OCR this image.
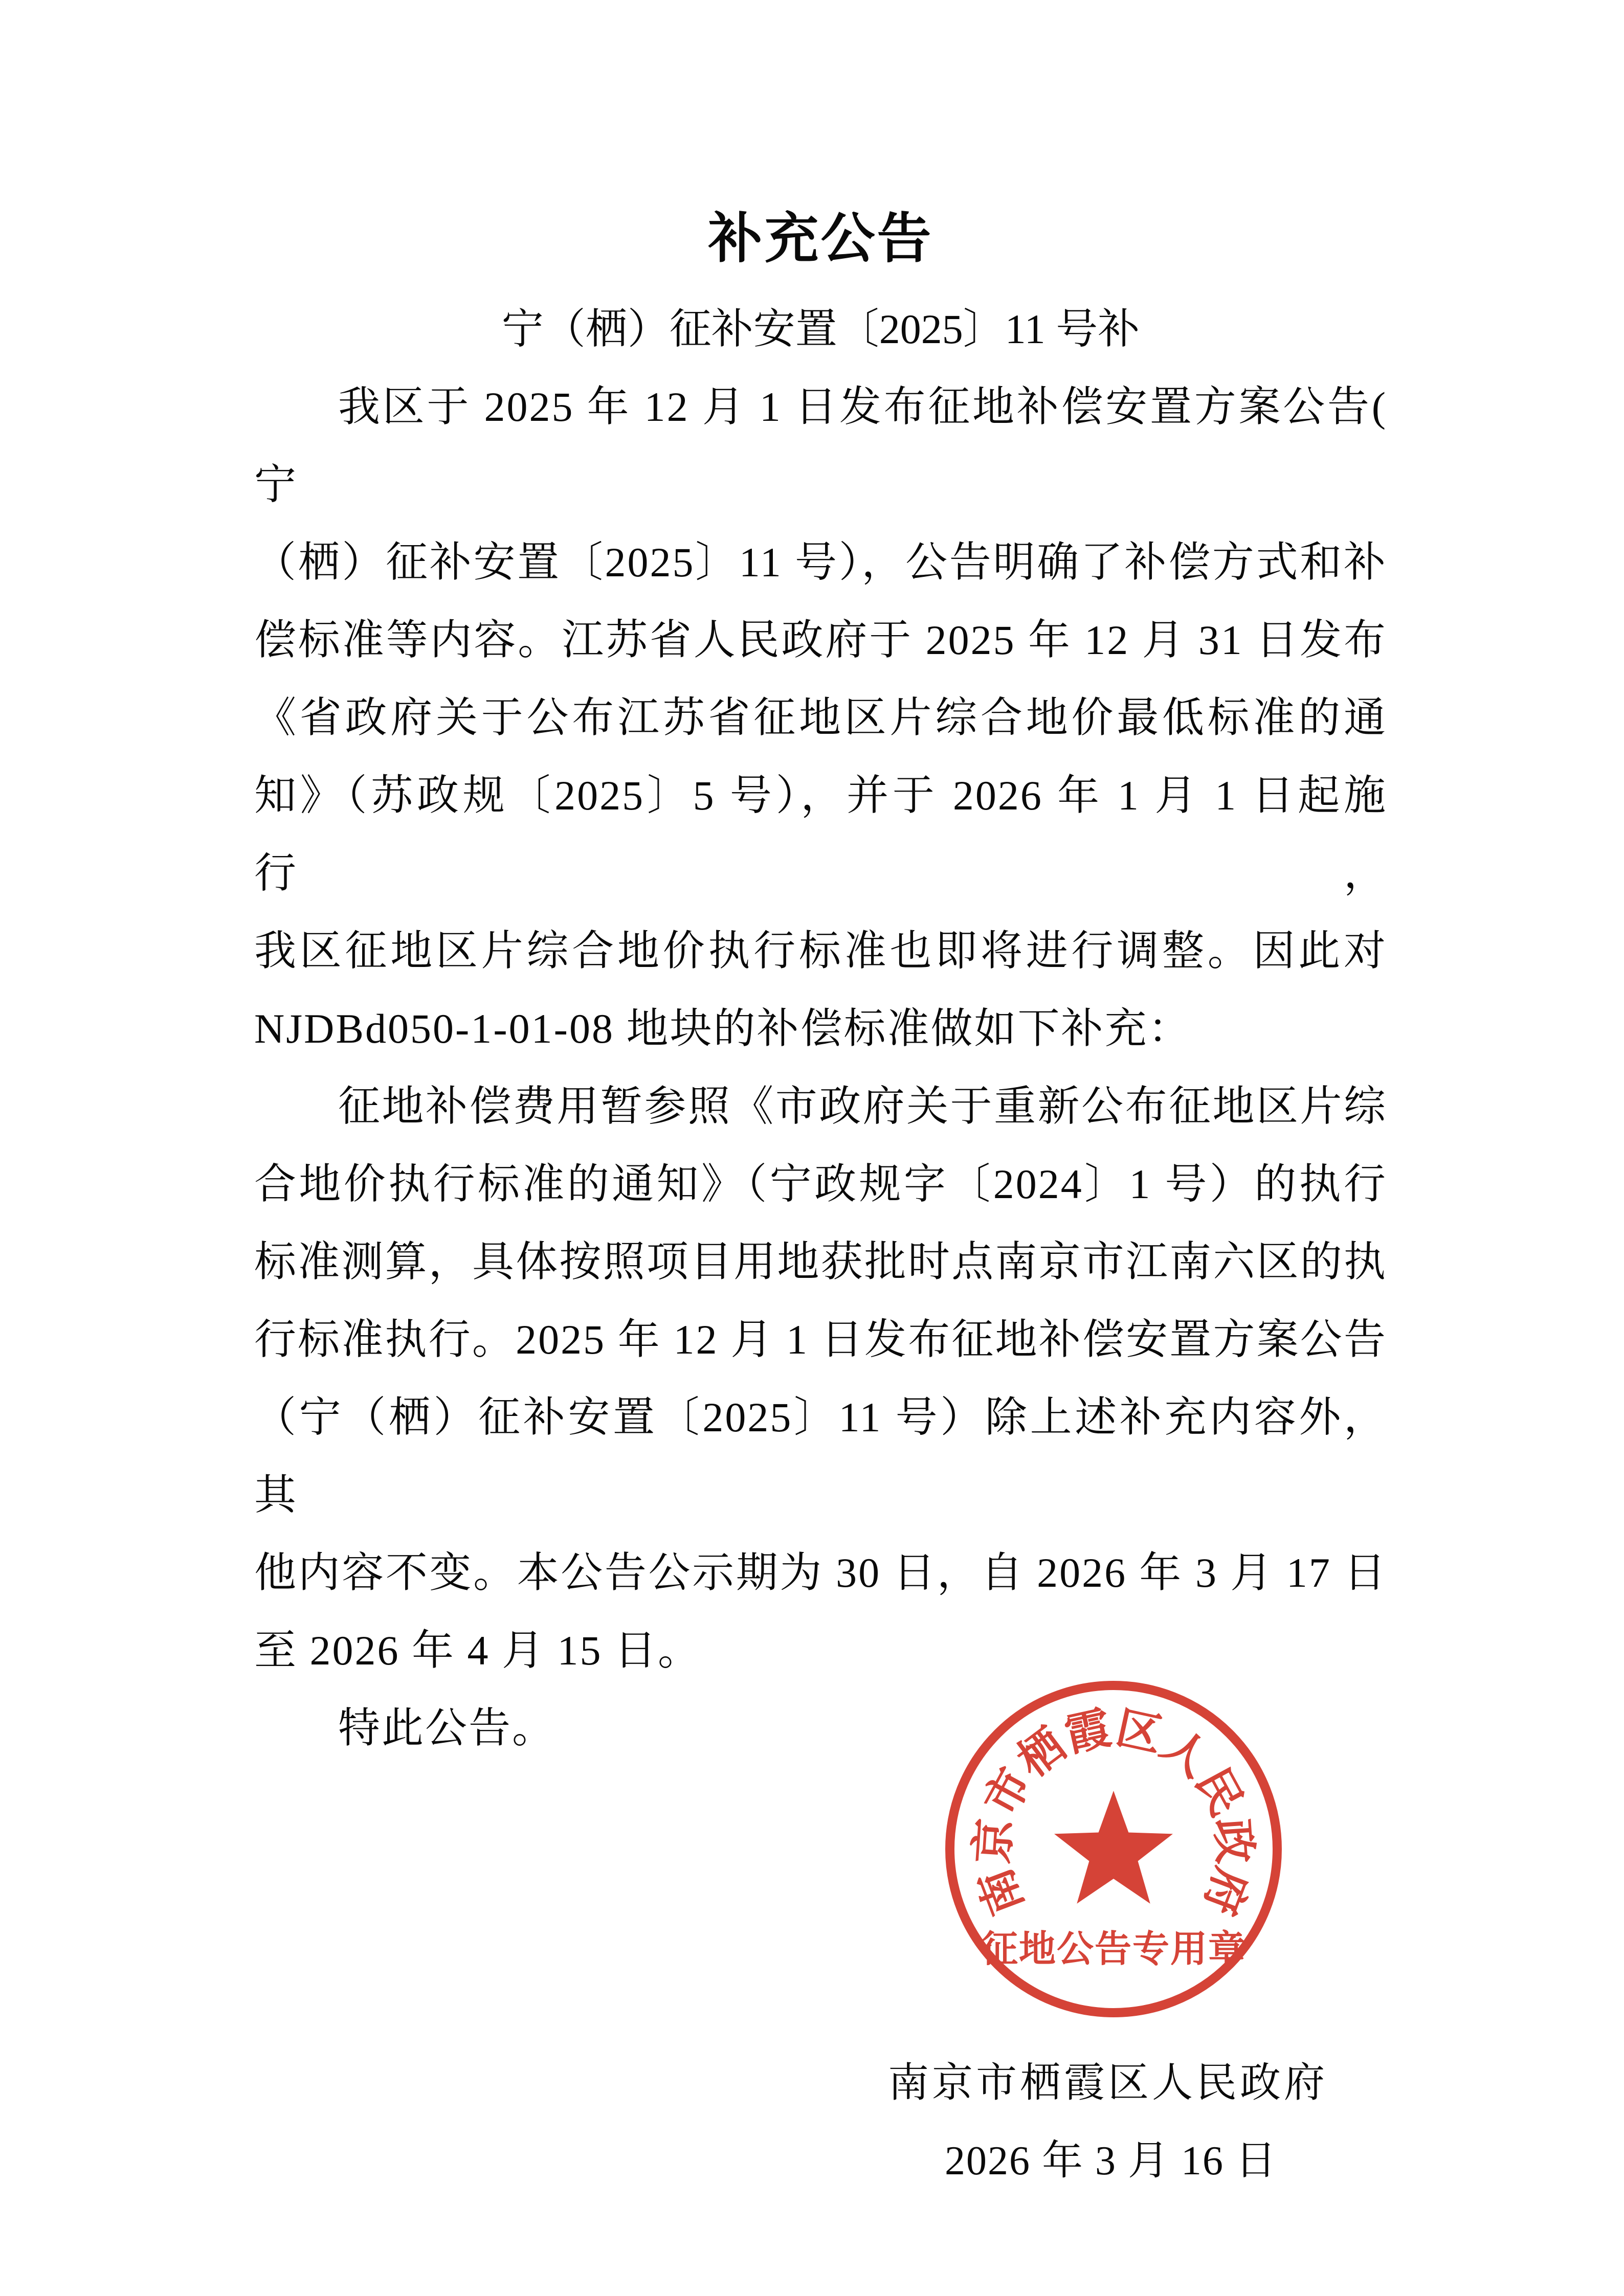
补充公告
宁（栖）征补安置〔2025〕11 号补
我区于 2025 年 12 月 1 日发布征地补偿安置方案公告( 宁
（栖）征补安置〔2025〕11 号），公告明确了补偿方式和补
偿标准等内容。江苏省人民政府于 2025 年 12 月 31 日发布
《省政府关于公布江苏省征地区片综合地价最低标准的通
知》（苏政规〔2025〕5 号），并于 2026 年 1 月 1 日起施行，
我区征地区片综合地价执行标准也即将进行调整。因此对
NJDBd050-1-01-08 地块的补偿标准做如下补充：
征地补偿费用暂参照《市政府关于重新公布征地区片综
合地价执行标准的通知》（宁政规字〔2024〕1 号）的执行
标准测算，具体按照项目用地获批时点南京市江南六区的执
行标准执行。2025 年 12 月 1 日发布征地补偿安置方案公告
（宁（栖）征补安置〔2025〕11 号）除上述补充内容外，其
他内容不变。本公告公示期为 30 日，自 2026 年 3 月 17 日
至 2026 年 4 月 15 日。
特此公告。
南京市栖霞区人民政府
2026 年 3 月 16 日
南京市栖霞区人民政府
征地公告专用章
